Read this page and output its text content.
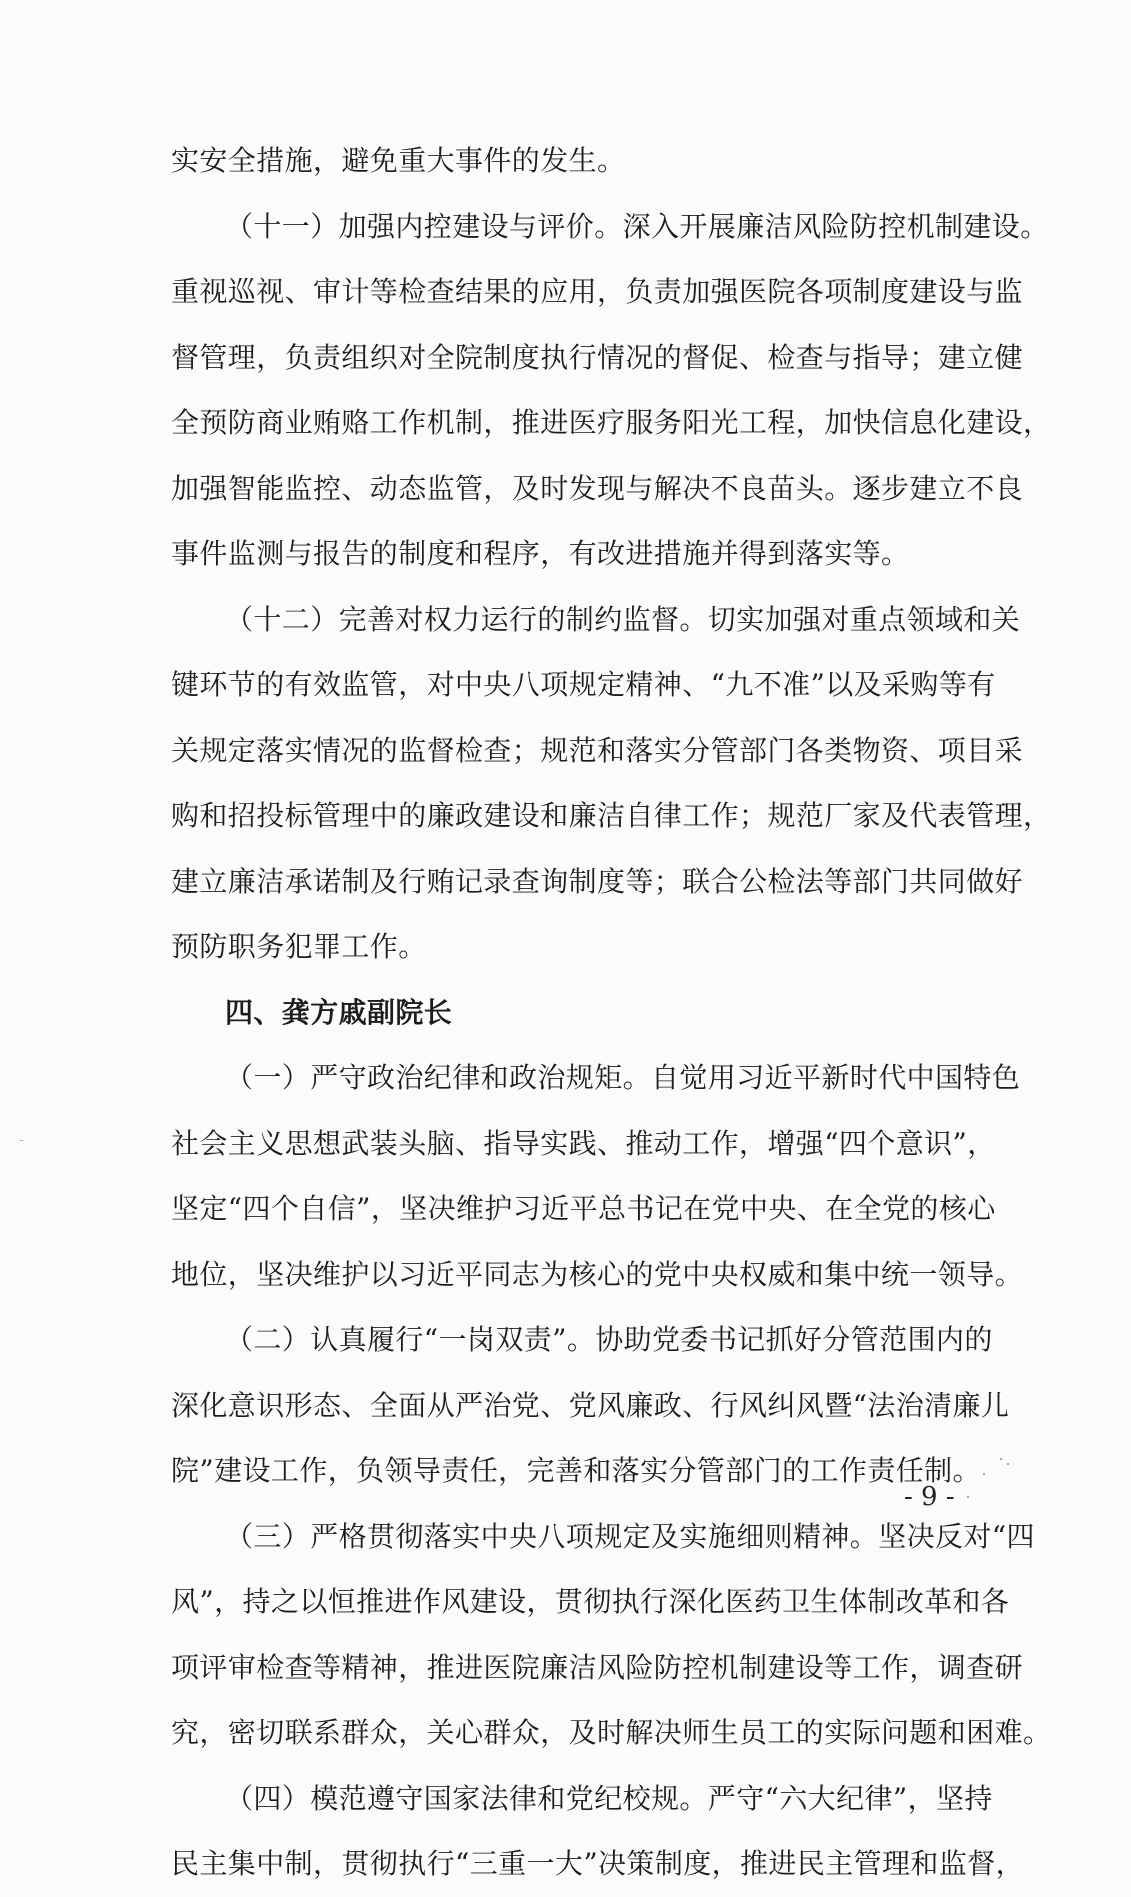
实安全措施，避免重大事件的发生。
（十一）加强内控建设与评价。深入开展廉洁风险防控机制建设。
重视巡视、审计等检查结果的应用，负责加强医院各项制度建设与监
督管理，负责组织对全院制度执行情况的督促、检查与指导；建立健
全预防商业贿赂工作机制，推进医疗服务阳光工程，加快信息化建设，
加强智能监控、动态监管，及时发现与解决不良苗头。逐步建立不良
事件监测与报告的制度和程序，有改进措施并得到落实等。
（十二）完善对权力运行的制约监督。切实加强对重点领域和关
键环节的有效监管，对中央八项规定精神、“九不准”以及采购等有
关规定落实情况的监督检查；规范和落实分管部门各类物资、项目采
购和招投标管理中的廉政建设和廉洁自律工作；规范厂家及代表管理，
建立廉洁承诺制及行贿记录查询制度等；联合公检法等部门共同做好
预防职务犯罪工作。
四、龚方戚副院长
（一）严守政治纪律和政治规矩。自觉用习近平新时代中国特色
社会主义思想武装头脑、指导实践、推动工作，增强“四个意识”，
坚定“四个自信”，坚决维护习近平总书记在党中央、在全党的核心
地位，坚决维护以习近平同志为核心的党中央权威和集中统一领导。
（二）认真履行“一岗双责”。协助党委书记抓好分管范围内的
深化意识形态、全面从严治党、党风廉政、行风纠风暨“法治清廉儿
院”建设工作，负领导责任，完善和落实分管部门的工作责任制。
（三）严格贯彻落实中央八项规定及实施细则精神。坚决反对“四
风”，持之以恒推进作风建设，贯彻执行深化医药卫生体制改革和各
项评审检查等精神，推进医院廉洁风险防控机制建设等工作，调查研
究，密切联系群众，关心群众，及时解决师生员工的实际问题和困难。
（四）模范遵守国家法律和党纪校规。严守“六大纪律”，坚持
民主集中制，贯彻执行“三重一大”决策制度，推进民主管理和监督，
- 9 -
